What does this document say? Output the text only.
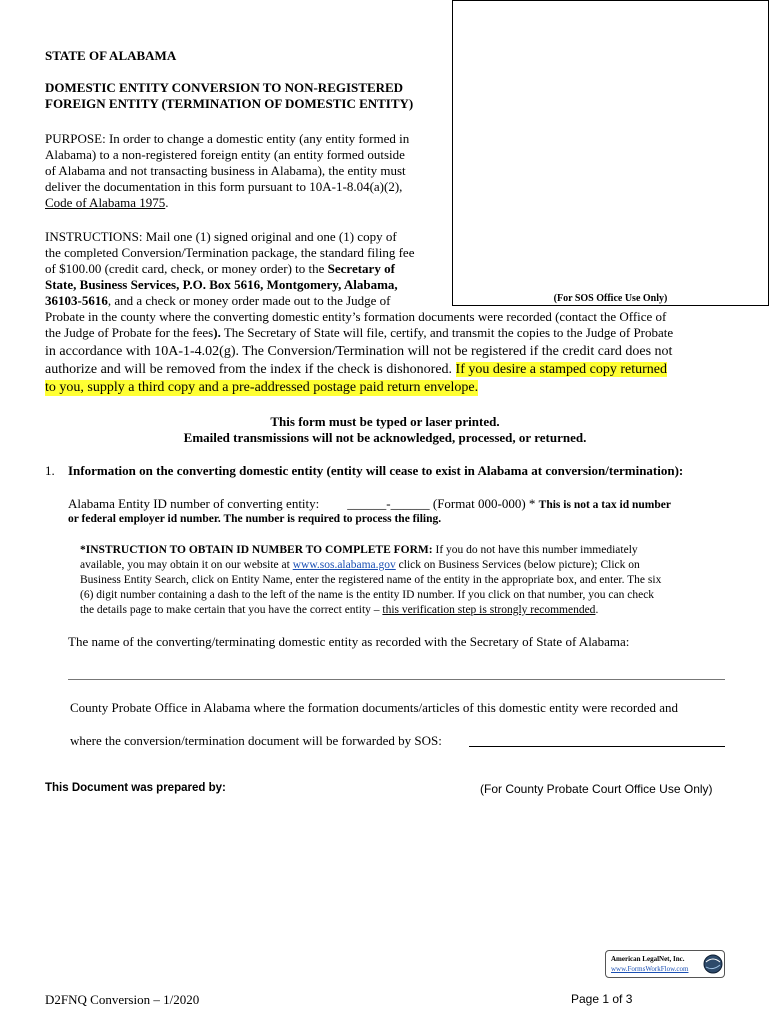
(For SOS Office Use Only)
STATE OF ALABAMA
DOMESTIC ENTITY CONVERSION TO NON-REGISTERED
FOREIGN ENTITY (TERMINATION OF DOMESTIC ENTITY)
PURPOSE: In order to change a domestic entity (any entity formed in
Alabama) to a non-registered foreign entity (an entity formed outside
of Alabama and not transacting business in Alabama), the entity must
deliver the documentation in this form pursuant to 10A-1-8.04(a)(2),
Code of Alabama 1975.
INSTRUCTIONS: Mail one (1) signed original and one (1) copy of
the completed Conversion/Termination package, the standard filing fee
of $100.00 (credit card, check, or money order) to the Secretary of
State, Business Services, P.O. Box 5616, Montgomery, Alabama,
36103-5616, and a check or money order made out to the Judge of
Probate in the county where the converting domestic entity’s formation documents were recorded (contact the Office of
the Judge of Probate for the fees). The Secretary of State will file, certify, and transmit the copies to the Judge of Probate
in accordance with 10A-1-4.02(g). The Conversion/Termination will not be registered if the credit card does not
authorize and will be removed from the index if the check is dishonored. If you desire a stamped copy returned
to you, supply a third copy and a pre-addressed postage paid return envelope.
This form must be typed or laser printed.
Emailed transmissions will not be acknowledged, processed, or returned.
1. Information on the converting domestic entity (entity will cease to exist in Alabama at conversion/termination):
Alabama Entity ID number of converting entity: ______-______ (Format 000-000) * This is not a tax id number
or federal employer id number. The number is required to process the filing.
*INSTRUCTION TO OBTAIN ID NUMBER TO COMPLETE FORM: If you do not have this number immediately
available, you may obtain it on our website at www.sos.alabama.gov click on Business Services (below picture); Click on
Business Entity Search, click on Entity Name, enter the registered name of the entity in the appropriate box, and enter. The six
(6) digit number containing a dash to the left of the name is the entity ID number. If you click on that number, you can check
the details page to make certain that you have the correct entity – this verification step is strongly recommended.
The name of the converting/terminating domestic entity as recorded with the Secretary of State of Alabama:
County Probate Office in Alabama where the formation documents/articles of this domestic entity were recorded and
where the conversion/termination document will be forwarded by SOS:
This Document was prepared by:	(For County Probate Court Office Use Only)
American LegalNet, Inc.
www.FormsWorkFlow.com
D2FNQ Conversion – 1/2020	Page 1 of 3
